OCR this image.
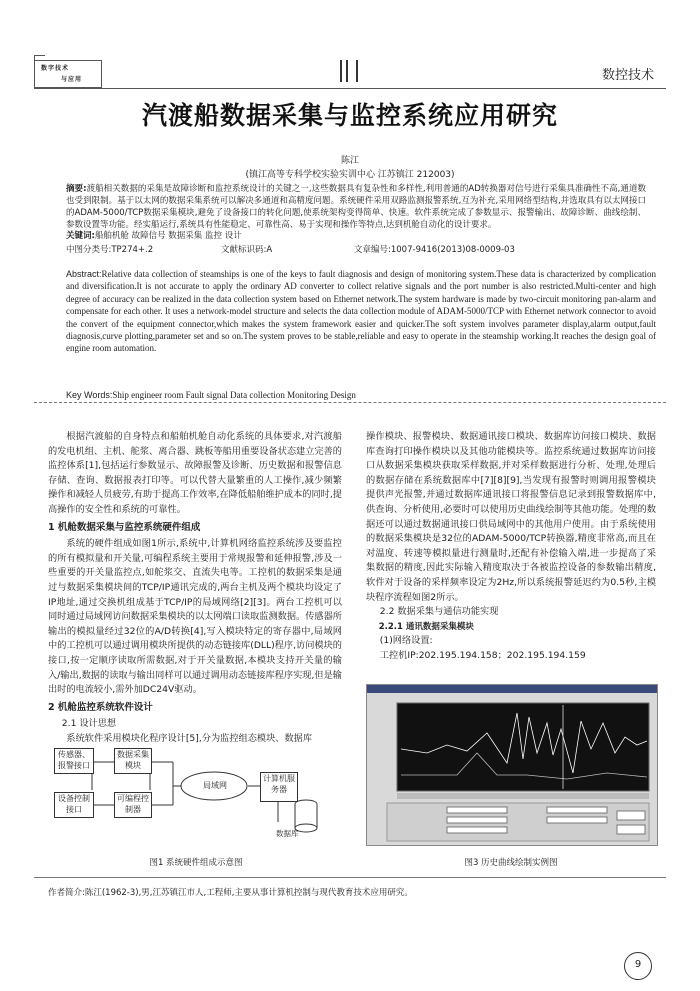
数字技术
与应用	数控技术
汽渡船数据采集与监控系统应用研究
陈江
(镇江高等专科学校实验实训中心 江苏镇江 212003)
摘要:渡船相关数据的采集是故障诊断和监控系统设计的关键之一,这些数据具有复杂性和多样性,利用普通的AD转换器对信号进行采集具准确性不高,通道数也受到限制。基于以太网的数据采集系统可以解决多通道和高精度问题。系统硬件采用双路监测报警系统,互为补充,采用网络型结构,并选取具有以太网接口的ADAM-5000/TCP数据采集模块,避免了设备接口的转化问题,使系统架构变得简单、快速。软件系统完成了参数显示、报警输出、故障诊断、曲线绘制、参数设置等功能。经实船运行,系统具有性能稳定、可靠性高、易于实现和操作等特点,达到机舱自动化的设计要求。
关键词:船舶机舱 故障信号 数据采集 监控 设计
中图分类号:TP274+.2	文献标识码:A	文章编号:1007-9416(2013)08-0009-03
Abstract:Relative data collection of steamships is one of the keys to fault diagnosis and design of monitoring system.These data is characterized by complication and diversification.It is not accurate to apply the ordinary AD converter to collect relative signals and the port number is also restricted.Multi-center and high degree of accuracy can be realized in the data collection system based on Ethernet network.The system hardware is made by two-circuit monitoring pan-alarm and compensate for each other. It uses a network-model structure and selects the data collection module of ADAM-5000/TCP with Ethernet network connector to avoid the convert of the equipment connector,which makes the system framework easier and quicker.The soft system involves parameter display,alarm output,fault diagnosis,curve plotting,parameter set and so on.The system proves to be stable,reliable and easy to operate in the steamship working.It reaches the design goal of engine room automation.
Key Words:Ship engineer room Fault signal Data collection Monitoring Design

根据汽渡船的自身特点和船舶机舱自动化系统的具体要求,对汽渡船的发电机组、主机、舵浆、离合器、跳板等船用重要设备状态建立完善的监控体系[1],包括运行参数显示、故障报警及诊断、历史数据和报警信息存储、查询、数据报表打印等。可以代替大量繁重的人工操作,减少频繁操作和减轻人员疲劳,有助于提高工作效率,在降低船舶维护成本的同时,提高操作的安全性和系统的可靠性。

1 机舱数据采集与监控系统硬件组成

系统的硬件组成如图1所示,系统中,计算机网络监控系统涉及要监控的所有模拟量和开关量,可编程系统主要用于常规报警和延伸报警,涉及一些重要的开关量监控点,如舵浆交、直流失电等。工控机的数据采集是通过与数据采集模块间的TCP/IP通讯完成的,两台主机及两个模块均设定了IP地址,通过交换机组成基于TCP/IP的局域网络[2][3]。两台工控机可以同时通过局域网访问数据采集模块的以太网端口读取监测数据。传感器所输出的模拟量经过32位的A/D转换[4],写入模块特定的寄存器中,局域网中的工控机可以通过调用模块所提供的动态链接库(DLL)程序,访问模块的接口,按一定顺序读取所需数据,对于开关量数据,本模块支持开关量的输入/输出,数据的读取与输出同样可以通过调用动态链接库程序实现,但是输出时的电流较小,需外加DC24V驱动。

2 机舱监控系统软件设计

2.1 设计思想

系统软件采用模块化程序设计[5],分为监控组态模块、数据库

操作模块、报警模块、数据通讯接口模块、数据库访问接口模块、数据库查询打印操作模块以及其他功能模块等。监控系统通过数据库访问接口从数据采集模块获取采样数据,并对采样数据进行分析、处理,处理后的数据存储在系统数据库中[7][8][9],当发现有报警时则调用报警模块提供声光报警,并通过数据库通讯接口将报警信息记录到报警数据库中,供查询、分析使用,必要时可以使用历史曲线绘制等其他功能。处理的数据还可以通过数据通讯接口供局域网中的其他用户使用。由于系统使用的数据采集模块是32位的ADAM-5000/TCP转换器,精度非常高,而且在对温度、转速等模拟量进行测量时,还配有补偿输入端,进一步提高了采集数据的精度,因此实际输入精度取决于各被监控设备的参数输出精度,软件对于设备的采样频率设定为2Hz,所以系统报警延迟约为0.5秒,主模块程序流程如图2所示。

2.2 数据采集与通信功能实现

2.2.1 通讯数据采集模块

(1)网络设置:

工控机IP:202.195.194.158；202.195.194.159

传感器、报警接口
数据采集模块
设备控制接口
可编程控制器
局域网
计算机服务器
数据库
图1 系统硬件组成示意图	图3 历史曲线绘制实例图
作者简介:陈江(1962-3),男,江苏镇江市人,工程师,主要从事计算机控制与现代教育技术应用研究。
9
